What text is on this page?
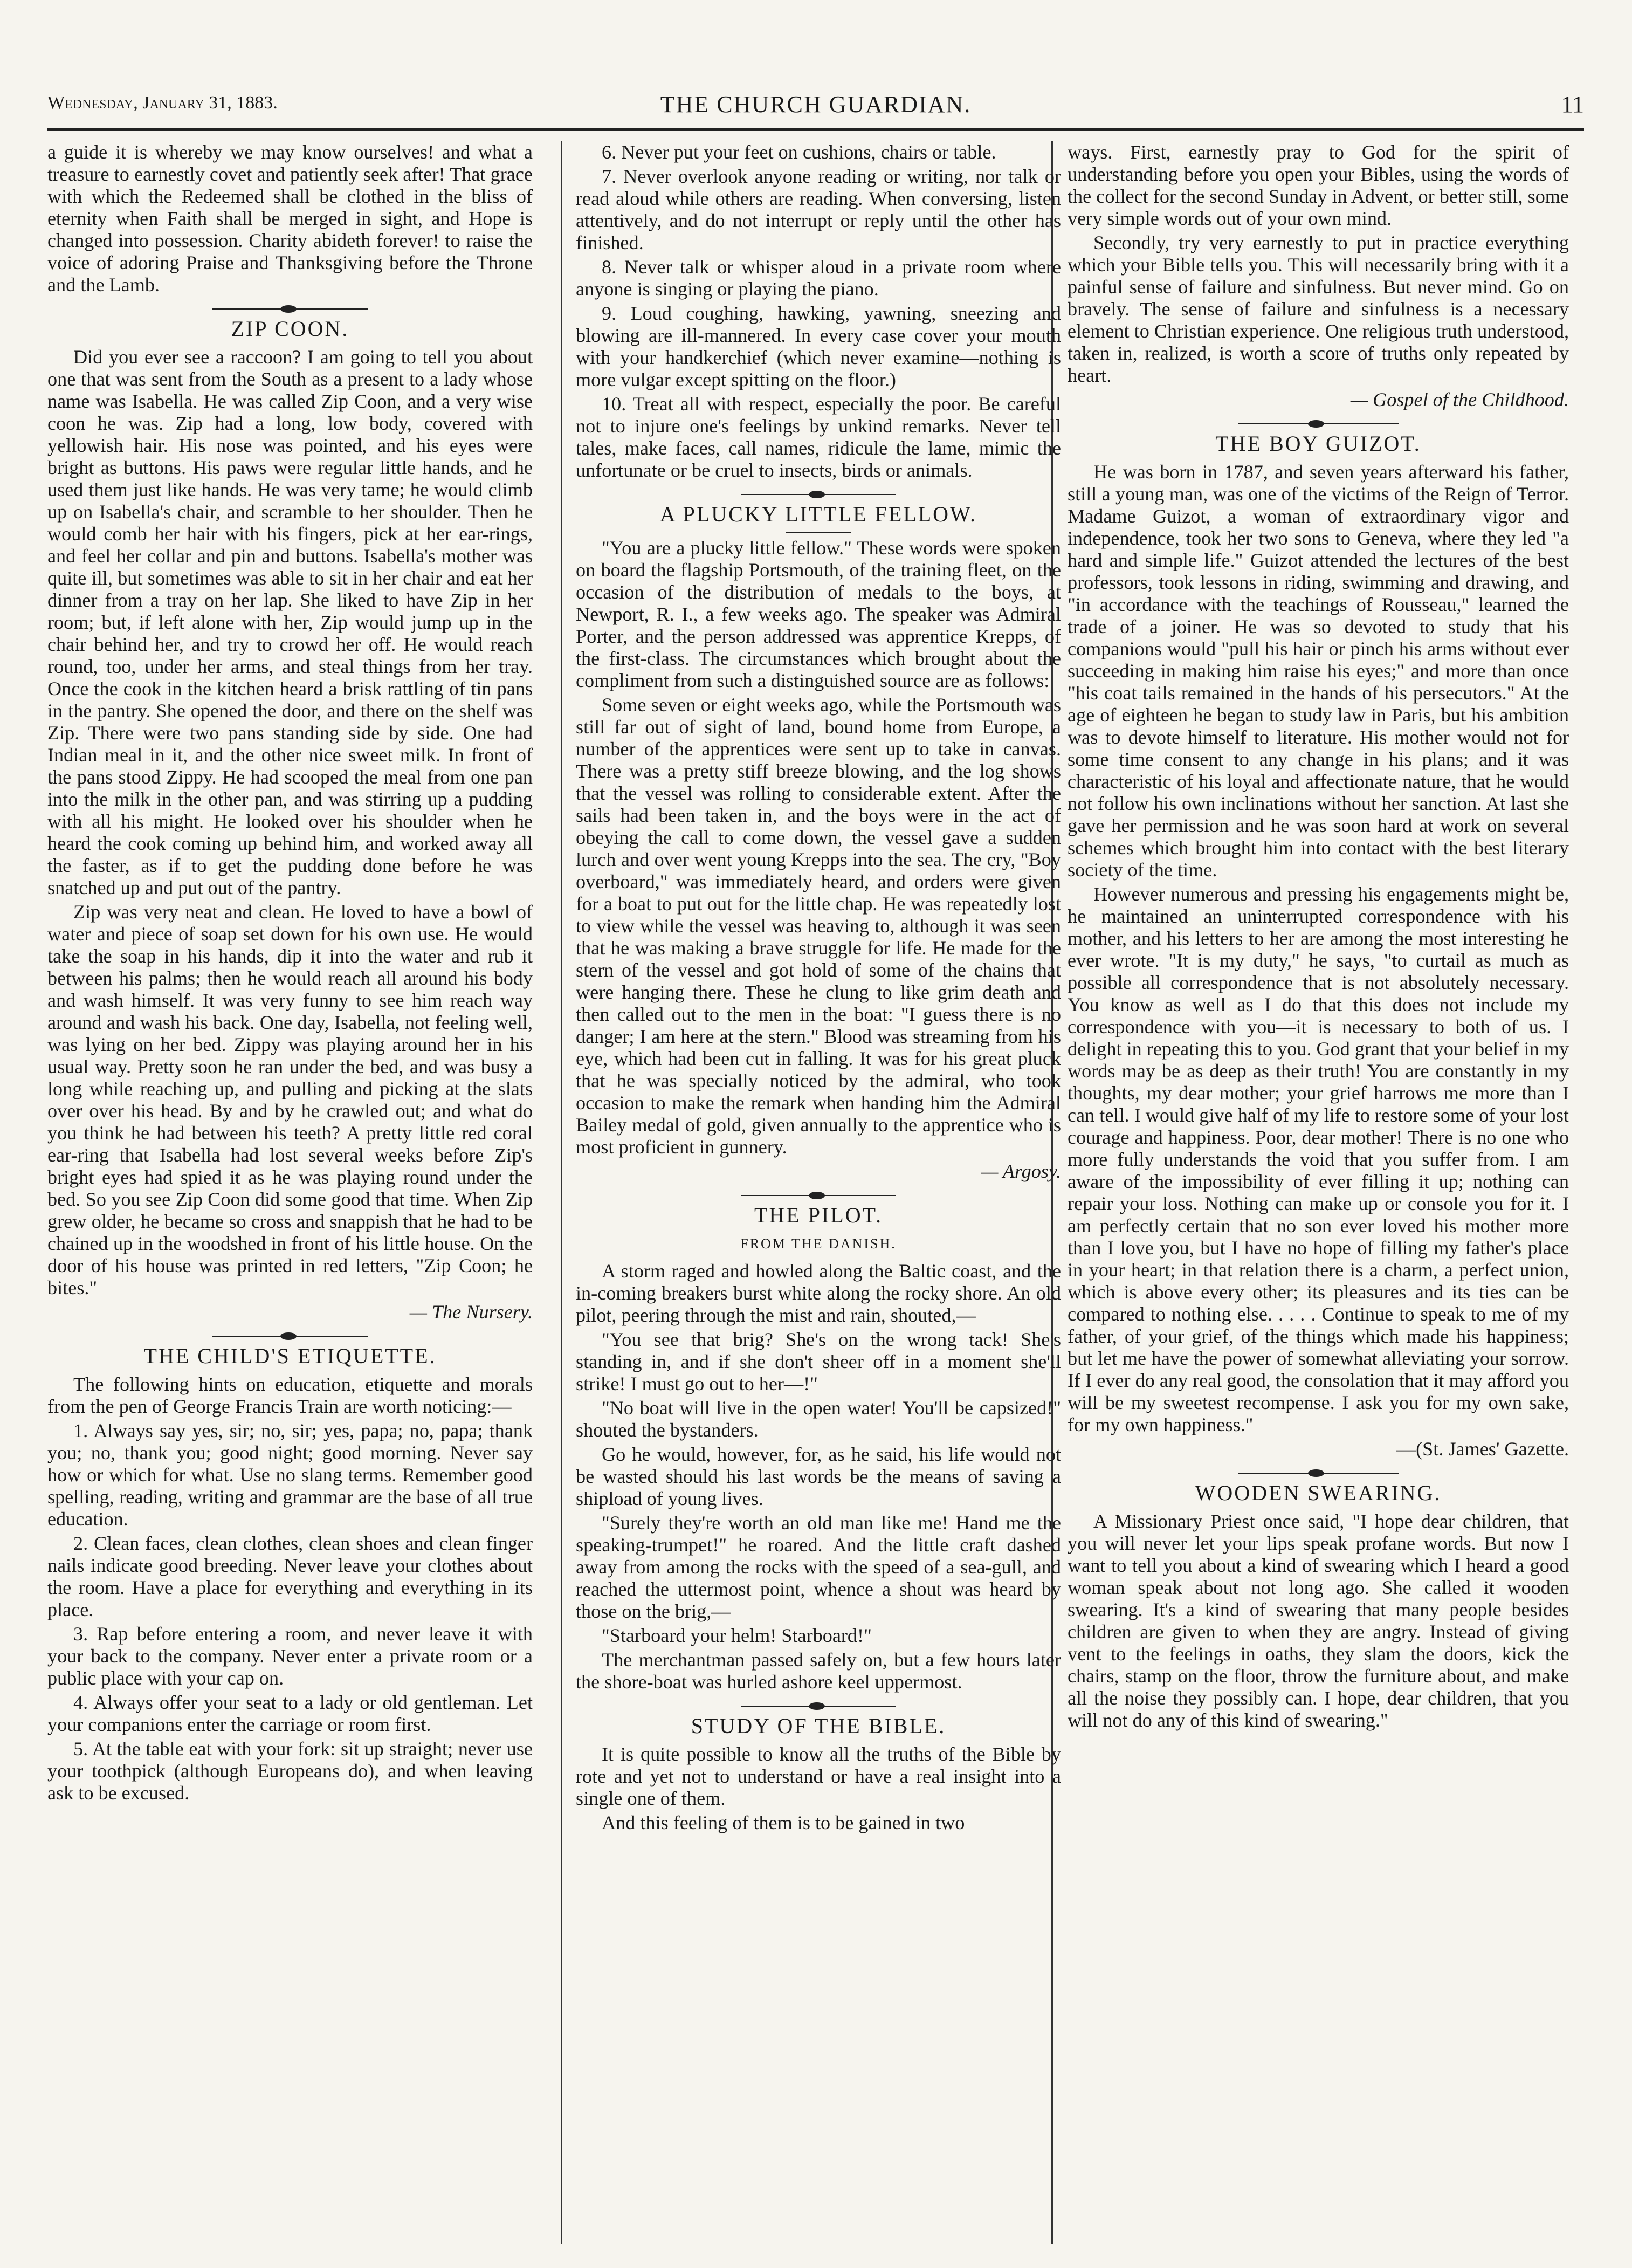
Wednesday, January 31, 1883.	THE CHURCH GUARDIAN.	11

a guide it is whereby we may know ourselves! and what a treasure to earnestly covet and patiently seek after! That grace with which the Redeemed shall be clothed in the bliss of eternity when Faith shall be merged in sight, and Hope is changed into possession. Charity abideth forever! to raise the voice of adoring Praise and Thanksgiving before the Throne and the Lamb.

ZIP COON.

Did you ever see a raccoon? I am going to tell you about one that was sent from the South as a present to a lady whose name was Isabella. He was called Zip Coon, and a very wise coon he was. Zip had a long, low body, covered with yellowish hair. His nose was pointed, and his eyes were bright as buttons. His paws were regular little hands, and he used them just like hands. He was very tame; he would climb up on Isabella's chair, and scramble to her shoulder. Then he would comb her hair with his fingers, pick at her ear-rings, and feel her collar and pin and buttons. Isabella's mother was quite ill, but sometimes was able to sit in her chair and eat her dinner from a tray on her lap. She liked to have Zip in her room; but, if left alone with her, Zip would jump up in the chair behind her, and try to crowd her off. He would reach round, too, under her arms, and steal things from her tray. Once the cook in the kitchen heard a brisk rattling of tin pans in the pantry. She opened the door, and there on the shelf was Zip. There were two pans standing side by side. One had Indian meal in it, and the other nice sweet milk. In front of the pans stood Zippy. He had scooped the meal from one pan into the milk in the other pan, and was stirring up a pudding with all his might. He looked over his shoulder when he heard the cook coming up behind him, and worked away all the faster, as if to get the pudding done before he was snatched up and put out of the pantry.

Zip was very neat and clean. He loved to have a bowl of water and piece of soap set down for his own use. He would take the soap in his hands, dip it into the water and rub it between his palms; then he would reach all around his body and wash himself. It was very funny to see him reach way around and wash his back. One day, Isabella, not feeling well, was lying on her bed. Zippy was playing around her in his usual way. Pretty soon he ran under the bed, and was busy a long while reaching up, and pulling and picking at the slats over over his head. By and by he crawled out; and what do you think he had between his teeth? A pretty little red coral ear-ring that Isabella had lost several weeks before Zip's bright eyes had spied it as he was playing round under the bed. So you see Zip Coon did some good that time. When Zip grew older, he became so cross and snappish that he had to be chained up in the woodshed in front of his little house. On the door of his house was printed in red letters, "Zip Coon; he bites."

— The Nursery.

THE CHILD'S ETIQUETTE.

The following hints on education, etiquette and morals from the pen of George Francis Train are worth noticing:—

1. Always say yes, sir; no, sir; yes, papa; no, papa; thank you; no, thank you; good night; good morning. Never say how or which for what. Use no slang terms. Remember good spelling, reading, writing and grammar are the base of all true education.

2. Clean faces, clean clothes, clean shoes and clean finger nails indicate good breeding. Never leave your clothes about the room. Have a place for everything and everything in its place.

3. Rap before entering a room, and never leave it with your back to the company. Never enter a private room or a public place with your cap on.

4. Always offer your seat to a lady or old gentleman. Let your companions enter the carriage or room first.

5. At the table eat with your fork: sit up straight; never use your toothpick (although Europeans do), and when leaving ask to be excused.

6. Never put your feet on cushions, chairs or table.

7. Never overlook anyone reading or writing, nor talk or read aloud while others are reading. When conversing, listen attentively, and do not interrupt or reply until the other has finished.

8. Never talk or whisper aloud in a private room where anyone is singing or playing the piano.

9. Loud coughing, hawking, yawning, sneezing and blowing are ill-mannered. In every case cover your mouth with your handkerchief (which never examine—nothing is more vulgar except spitting on the floor.)

10. Treat all with respect, especially the poor. Be careful not to injure one's feelings by unkind remarks. Never tell tales, make faces, call names, ridicule the lame, mimic the unfortunate or be cruel to insects, birds or animals.

A PLUCKY LITTLE FELLOW.

"You are a plucky little fellow." These words were spoken on board the flagship Portsmouth, of the training fleet, on the occasion of the distribution of medals to the boys, at Newport, R. I., a few weeks ago. The speaker was Admiral Porter, and the person addressed was apprentice Krepps, of the first-class. The circumstances which brought about the compliment from such a distinguished source are as follows:

Some seven or eight weeks ago, while the Portsmouth was still far out of sight of land, bound home from Europe, a number of the apprentices were sent up to take in canvas. There was a pretty stiff breeze blowing, and the log shows that the vessel was rolling to considerable extent. After the sails had been taken in, and the boys were in the act of obeying the call to come down, the vessel gave a sudden lurch and over went young Krepps into the sea. The cry, "Boy overboard," was immediately heard, and orders were given for a boat to put out for the little chap. He was repeatedly lost to view while the vessel was heaving to, although it was seen that he was making a brave struggle for life. He made for the stern of the vessel and got hold of some of the chains that were hanging there. These he clung to like grim death and then called out to the men in the boat: "I guess there is no danger; I am here at the stern." Blood was streaming from his eye, which had been cut in falling. It was for his great pluck that he was specially noticed by the admiral, who took occasion to make the remark when handing him the Admiral Bailey medal of gold, given annually to the apprentice who is most proficient in gunnery.

— Argosy.

THE PILOT.
FROM THE DANISH.

A storm raged and howled along the Baltic coast, and the in-coming breakers burst white along the rocky shore. An old pilot, peering through the mist and rain, shouted,—

"You see that brig? She's on the wrong tack! She's standing in, and if she don't sheer off in a moment she'll strike! I must go out to her—!"

"No boat will live in the open water! You'll be capsized!" shouted the bystanders.

Go he would, however, for, as he said, his life would not be wasted should his last words be the means of saving a shipload of young lives.

"Surely they're worth an old man like me! Hand me the speaking-trumpet!" he roared. And the little craft dashed away from among the rocks with the speed of a sea-gull, and reached the uttermost point, whence a shout was heard by those on the brig,—

"Starboard your helm! Starboard!"

The merchantman passed safely on, but a few hours later the shore-boat was hurled ashore keel uppermost.

STUDY OF THE BIBLE.

It is quite possible to know all the truths of the Bible by rote and yet not to understand or have a real insight into a single one of them.

And this feeling of them is to be gained in two

ways. First, earnestly pray to God for the spirit of understanding before you open your Bibles, using the words of the collect for the second Sunday in Advent, or better still, some very simple words out of your own mind.

Secondly, try very earnestly to put in practice everything which your Bible tells you. This will necessarily bring with it a painful sense of failure and sinfulness. But never mind. Go on bravely. The sense of failure and sinfulness is a necessary element to Christian experience. One religious truth understood, taken in, realized, is worth a score of truths only repeated by heart.

— Gospel of the Childhood.

THE BOY GUIZOT.

He was born in 1787, and seven years afterward his father, still a young man, was one of the victims of the Reign of Terror. Madame Guizot, a woman of extraordinary vigor and independence, took her two sons to Geneva, where they led "a hard and simple life." Guizot attended the lectures of the best professors, took lessons in riding, swimming and drawing, and "in accordance with the teachings of Rousseau," learned the trade of a joiner. He was so devoted to study that his companions would "pull his hair or pinch his arms without ever succeeding in making him raise his eyes;" and more than once "his coat tails remained in the hands of his persecutors." At the age of eighteen he began to study law in Paris, but his ambition was to devote himself to literature. His mother would not for some time consent to any change in his plans; and it was characteristic of his loyal and affectionate nature, that he would not follow his own inclinations without her sanction. At last she gave her permission and he was soon hard at work on several schemes which brought him into contact with the best literary society of the time.

However numerous and pressing his engagements might be, he maintained an uninterrupted correspondence with his mother, and his letters to her are among the most interesting he ever wrote. "It is my duty," he says, "to curtail as much as possible all correspondence that is not absolutely necessary. You know as well as I do that this does not include my correspondence with you—it is necessary to both of us. I delight in repeating this to you. God grant that your belief in my words may be as deep as their truth! You are constantly in my thoughts, my dear mother; your grief harrows me more than I can tell. I would give half of my life to restore some of your lost courage and happiness. Poor, dear mother! There is no one who more fully understands the void that you suffer from. I am aware of the impossibility of ever filling it up; nothing can repair your loss. Nothing can make up or console you for it. I am perfectly certain that no son ever loved his mother more than I love you, but I have no hope of filling my father's place in your heart; in that relation there is a charm, a perfect union, which is above every other; its pleasures and its ties can be compared to nothing else. . . . . Continue to speak to me of my father, of your grief, of the things which made his happiness; but let me have the power of somewhat alleviating your sorrow. If I ever do any real good, the consolation that it may afford you will be my sweetest recompense. I ask you for my own sake, for my own happiness."

—(St. James' Gazette.

WOODEN SWEARING.

A Missionary Priest once said, "I hope dear children, that you will never let your lips speak profane words. But now I want to tell you about a kind of swearing which I heard a good woman speak about not long ago. She called it wooden swearing. It's a kind of swearing that many people besides children are given to when they are angry. Instead of giving vent to the feelings in oaths, they slam the doors, kick the chairs, stamp on the floor, throw the furniture about, and make all the noise they possibly can. I hope, dear children, that you will not do any of this kind of swearing."
